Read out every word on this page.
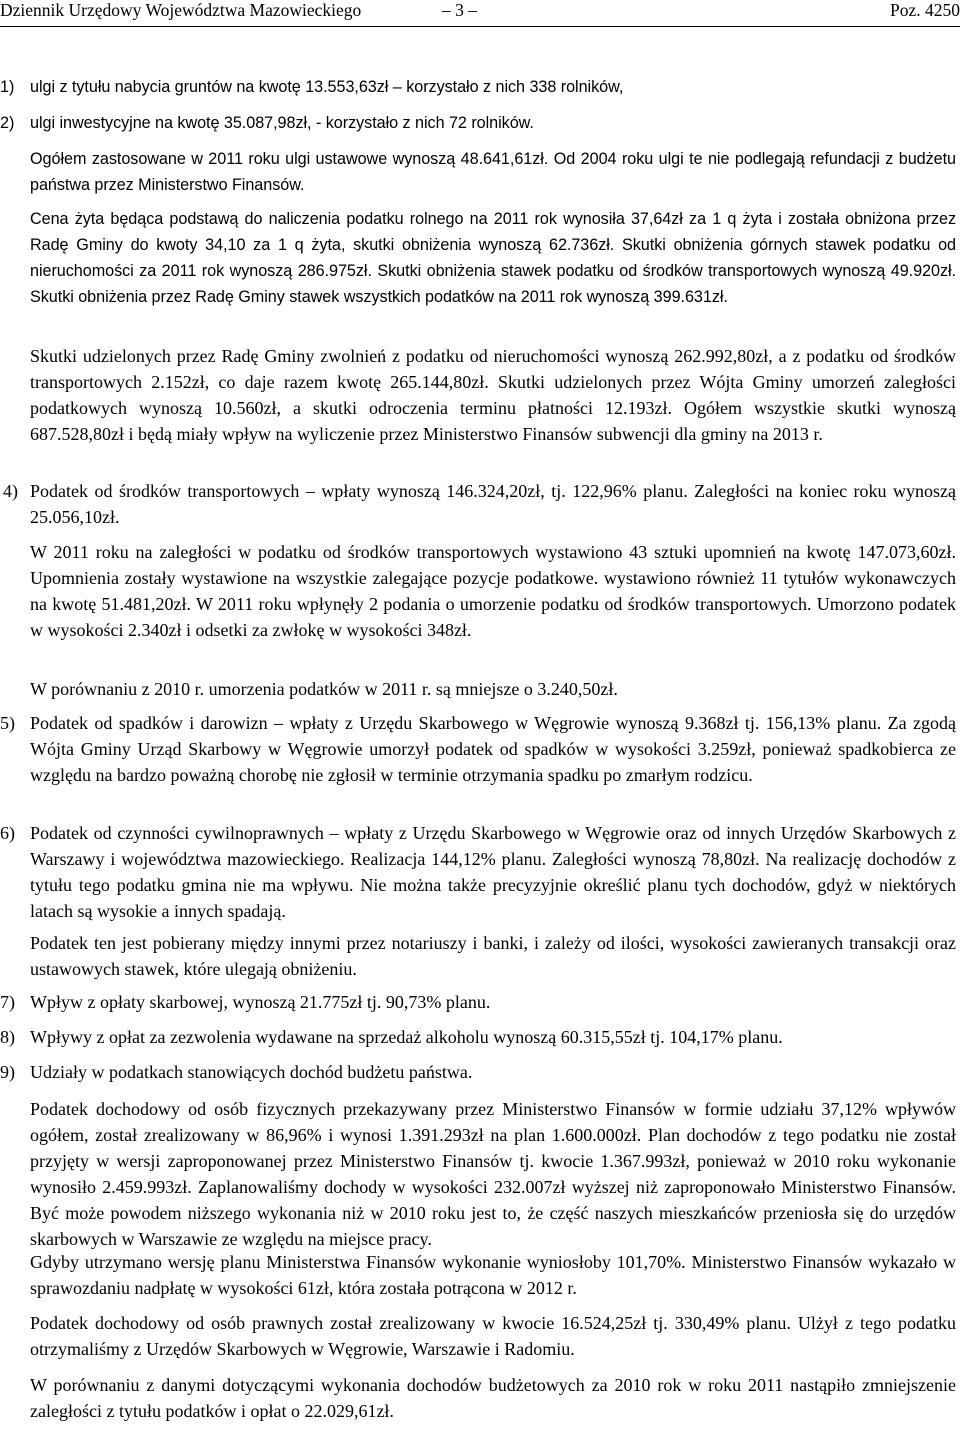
Dziennik Urzędowy Województwa Mazowieckiego	– 3 –	Poz. 4250
1) ulgi z tytułu nabycia gruntów na kwotę 13.553,63zł – korzystało z nich 338 rolników,
2) ulgi inwestycyjne na kwotę 35.087,98zł, - korzystało z nich 72 rolników.

Ogółem zastosowane w 2011 roku ulgi ustawowe wynoszą 48.641,61zł. Od 2004 roku ulgi te nie podlegają refundacji z budżetu państwa przez Ministerstwo Finansów.

Cena żyta będąca podstawą do naliczenia podatku rolnego na 2011 rok wynosiła 37,64zł za 1 q żyta i została obniżona przez Radę Gminy do kwoty 34,10 za 1 q żyta, skutki obniżenia wynoszą 62.736zł. Skutki obniżenia górnych stawek podatku od nieruchomości za 2011 rok wynoszą 286.975zł. Skutki obniżenia stawek podatku od środków transportowych wynoszą 49.920zł. Skutki obniżenia przez Radę Gminy stawek wszystkich podatków na 2011 rok wynoszą 399.631zł.

Skutki udzielonych przez Radę Gminy zwolnień z podatku od nieruchomości wynoszą 262.992,80zł, a z podatku od środków transportowych 2.152zł, co daje razem kwotę 265.144,80zł. Skutki udzielonych przez Wójta Gminy umorzeń zaległości podatkowych wynoszą 10.560zł, a skutki odroczenia terminu płatności 12.193zł. Ogółem wszystkie skutki wynoszą 687.528,80zł i będą miały wpływ na wyliczenie przez Ministerstwo Finansów subwencji dla gminy na 2013 r.

4) Podatek od środków transportowych – wpłaty wynoszą 146.324,20zł, tj. 122,96% planu. Zaległości na koniec roku wynoszą 25.056,10zł.

W 2011 roku na zaległości w podatku od środków transportowych wystawiono 43 sztuki upomnień na kwotę 147.073,60zł. Upomnienia zostały wystawione na wszystkie zalegające pozycje podatkowe. wystawiono również 11 tytułów wykonawczych na kwotę 51.481,20zł. W 2011 roku wpłynęły 2 podania o umorzenie podatku od środków transportowych. Umorzono podatek w wysokości 2.340zł i odsetki za zwłokę w wysokości 348zł.

W porównaniu z 2010 r. umorzenia podatków w 2011 r. są mniejsze o 3.240,50zł.

5) Podatek od spadków i darowizn – wpłaty z Urzędu Skarbowego w Węgrowie wynoszą 9.368zł tj. 156,13% planu. Za zgodą Wójta Gminy Urząd Skarbowy w Węgrowie umorzył podatek od spadków w wysokości 3.259zł, ponieważ spadkobierca ze względu na bardzo poważną chorobę nie zgłosił w terminie otrzymania spadku po zmarłym rodzicu.
6) Podatek od czynności cywilnoprawnych – wpłaty z Urzędu Skarbowego w Węgrowie oraz od innych Urzędów Skarbowych z Warszawy i województwa mazowieckiego. Realizacja 144,12% planu. Zaległości wynoszą 78,80zł. Na realizację dochodów z tytułu tego podatku gmina nie ma wpływu. Nie można także precyzyjnie określić planu tych dochodów, gdyż w niektórych latach są wysokie a innych spadają.

Podatek ten jest pobierany między innymi przez notariuszy i banki, i zależy od ilości, wysokości zawieranych transakcji oraz ustawowych stawek, które ulegają obniżeniu.

7) Wpływ z opłaty skarbowej, wynoszą 21.775zł tj. 90,73% planu.
8) Wpływy z opłat za zezwolenia wydawane na sprzedaż alkoholu wynoszą 60.315,55zł tj. 104,17% planu.
9) Udziały w podatkach stanowiących dochód budżetu państwa.

Podatek dochodowy od osób fizycznych przekazywany przez Ministerstwo Finansów w formie udziału 37,12% wpływów ogółem, został zrealizowany w 86,96% i wynosi 1.391.293zł na plan 1.600.000zł. Plan dochodów z tego podatku nie został przyjęty w wersji zaproponowanej przez Ministerstwo Finansów tj. kwocie 1.367.993zł, ponieważ w 2010 roku wykonanie wynosiło 2.459.993zł. Zaplanowaliśmy dochody w wysokości 232.007zł wyższej niż zaproponowało Ministerstwo Finansów. Być może powodem niższego wykonania niż w 2010 roku jest to, że część naszych mieszkańców przeniosła się do urzędów skarbowych w Warszawie ze względu na miejsce pracy.

Gdyby utrzymano wersję planu Ministerstwa Finansów wykonanie wyniosłoby 101,70%. Ministerstwo Finansów wykazało w sprawozdaniu nadpłatę w wysokości 61zł, która została potrącona w 2012 r.

Podatek dochodowy od osób prawnych został zrealizowany w kwocie 16.524,25zł tj. 330,49% planu. Ulżył z tego podatku otrzymaliśmy z Urzędów Skarbowych w Węgrowie, Warszawie i Radomiu.

W porównaniu z danymi dotyczącymi wykonania dochodów budżetowych za 2010 rok w roku 2011 nastąpiło zmniejszenie zaległości z tytułu podatków i opłat o 22.029,61zł.
